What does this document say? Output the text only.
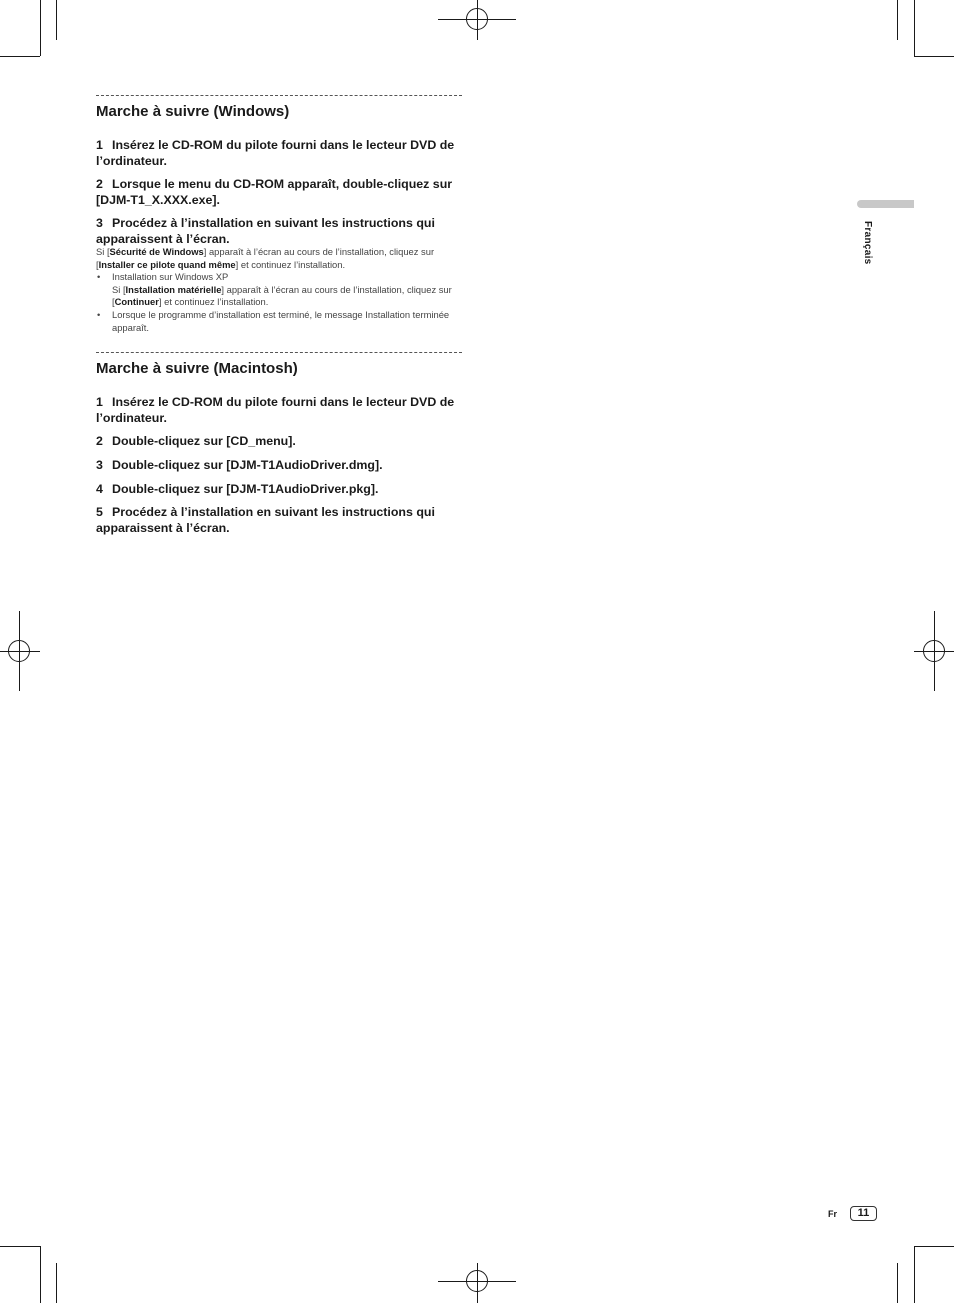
Marche à suivre (Windows)

1 Insérez le CD-ROM du pilote fourni dans le lecteur DVD de l’ordinateur.

2 Lorsque le menu du CD-ROM apparaît, double-cliquez sur [DJM-T1_X.XXX.exe].

3 Procédez à l’installation en suivant les instructions qui apparaissent à l’écran.

Si [Sécurité de Windows] apparaît à l’écran au cours de l’installation, cliquez sur [Installer ce pilote quand même] et continuez l’installation.
• Installation sur Windows XP
Si [Installation matérielle] apparaît à l’écran au cours de l’installation, cliquez sur [Continuer] et continuez l’installation.
• Lorsque le programme d’installation est terminé, le message Installation terminée apparaît.
Marche à suivre (Macintosh)

1 Insérez le CD-ROM du pilote fourni dans le lecteur DVD de l’ordinateur.

2 Double-cliquez sur [CD_menu].

3 Double-cliquez sur [DJM-T1AudioDriver.dmg].

4 Double-cliquez sur [DJM-T1AudioDriver.pkg].

5 Procédez à l’installation en suivant les instructions qui apparaissent à l’écran.

Français
Fr	11
